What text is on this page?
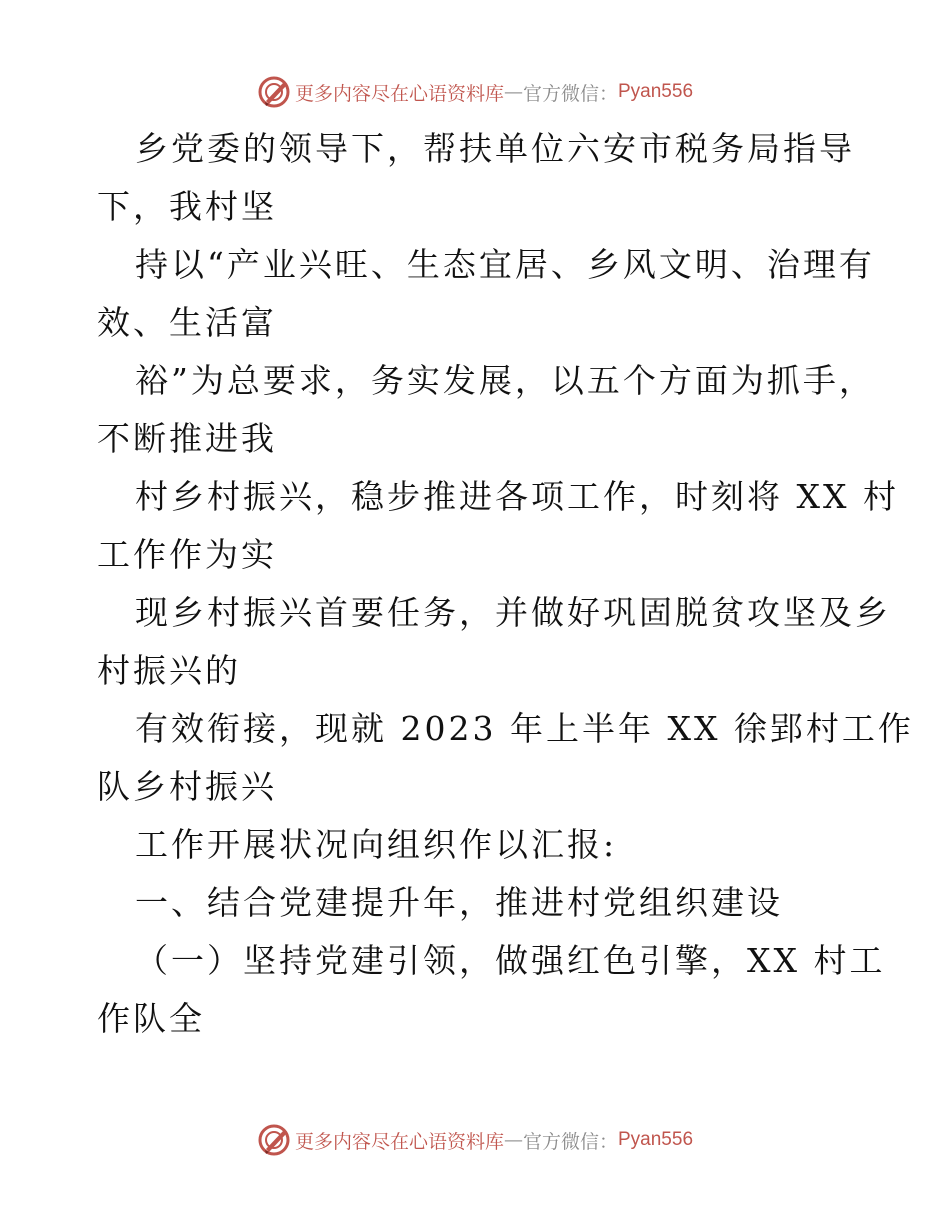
更多内容尽在心语资料库 — 官方微信： Pyan556
乡党委的领导下，帮扶单位六安市税务局指导
下，我村坚
持以“产业兴旺、生态宜居、乡风文明、治理有
效、生活富
裕”为总要求，务实发展，以五个方面为抓手，
不断推进我
村乡村振兴，稳步推进各项工作，时刻将 XX 村
工作作为实
现乡村振兴首要任务，并做好巩固脱贫攻坚及乡
村振兴的
有效衔接，现就 2023 年上半年 XX 徐郢村工作
队乡村振兴
工作开展状况向组织作以汇报:
一、结合党建提升年，推进村党组织建设
（一）坚持党建引领，做强红色引擎，XX 村工
作队全
更多内容尽在心语资料库 — 官方微信： Pyan556
